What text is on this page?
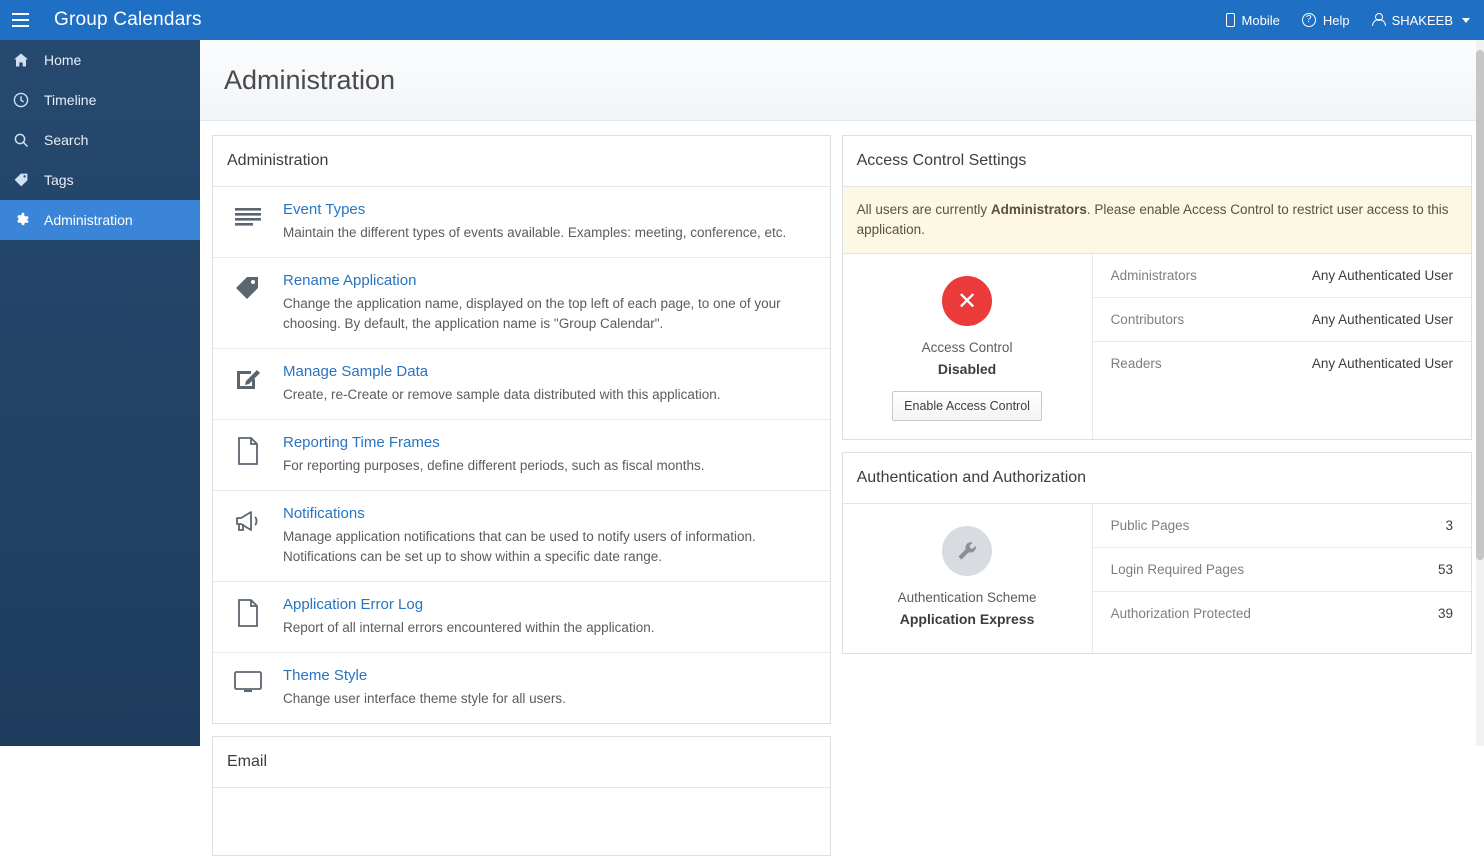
Group Calendars	Mobile	? Help	SHAKEEB
Home
Timeline
Search
Tags
Administration
Administration
Administration
Event Types
Maintain the different types of events available. Examples: meeting, conference, etc.
Rename Application
Change the application name, displayed on the top left of each page, to one of your choosing. By default, the application name is "Group Calendar".
Manage Sample Data
Create, re-Create or remove sample data distributed with this application.
Reporting Time Frames
For reporting purposes, define different periods, such as fiscal months.
Notifications
Manage application notifications that can be used to notify users of information. Notifications can be set up to show within a specific date range.
Application Error Log
Report of all internal errors encountered within the application.
Theme Style
Change user interface theme style for all users.
Email
Access Control Settings
All users are currently Administrators. Please enable Access Control to restrict user access to this application.
✕
Access Control
Disabled
Enable Access Control
Administrators	Any Authenticated User
Contributors	Any Authenticated User
Readers	Any Authenticated User
Authentication and Authorization
Authentication Scheme
Application Express
Public Pages	3
Login Required Pages	53
Authorization Protected	39
